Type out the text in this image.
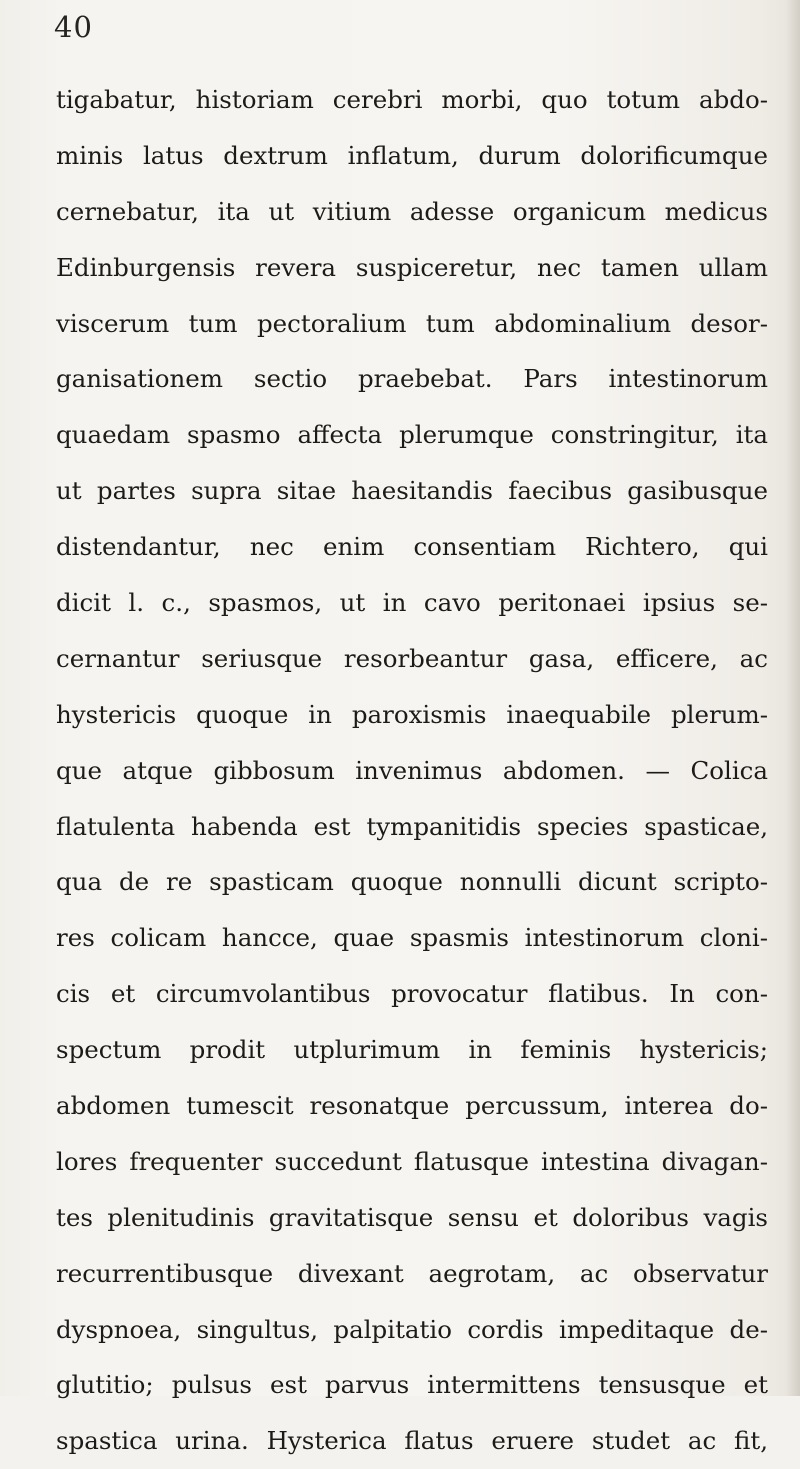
40
tigabatur, historiam cerebri morbi, quo totum abdo-
minis latus dextrum inflatum, durum dolorificumque
cernebatur, ita ut vitium adesse organicum medicus
Edinburgensis revera suspiceretur, nec tamen ullam
viscerum tum pectoralium tum abdominalium desor-
ganisationem sectio praebebat. Pars intestinorum
quaedam spasmo affecta plerumque constringitur, ita
ut partes supra sitae haesitandis faecibus gasibusque
distendantur, nec enim consentiam Richtero, qui
dicit l. c., spasmos, ut in cavo peritonaei ipsius se-
cernantur seriusque resorbeantur gasa, efficere, ac
hystericis quoque in paroxismis inaequabile plerum-
que atque gibbosum invenimus abdomen. — Colica
flatulenta habenda est tympanitidis species spasticae,
qua de re spasticam quoque nonnulli dicunt scripto-
res colicam hancce, quae spasmis intestinorum cloni-
cis et circumvolantibus provocatur flatibus. In con-
spectum prodit utplurimum in feminis hystericis;
abdomen tumescit resonatque percussum, interea do-
lores frequenter succedunt flatusque intestina divagan-
tes plenitudinis gravitatisque sensu et doloribus vagis
recurrentibusque divexant aegrotam, ac observatur
dyspnoea, singultus, palpitatio cordis impeditaque de-
glutitio; pulsus est parvus intermittens tensusque et
spastica urina. Hysterica flatus eruere studet ac fit,
